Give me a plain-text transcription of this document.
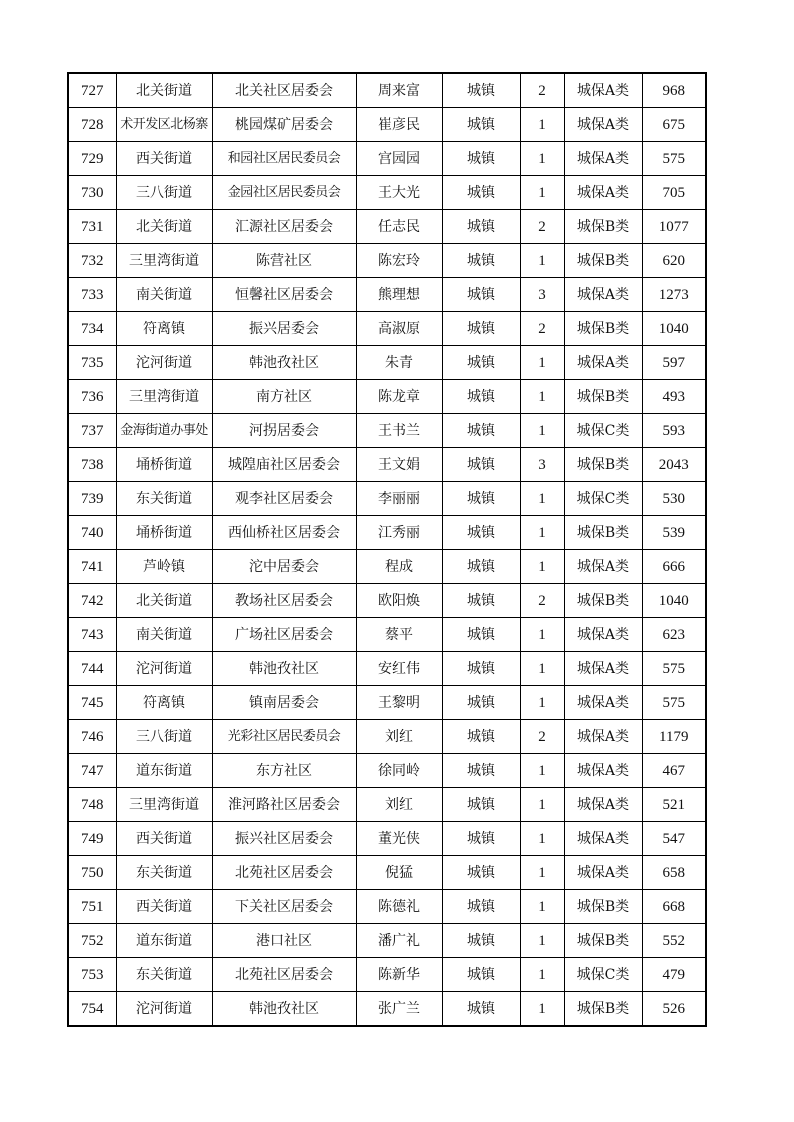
727	北关街道	北关社区居委会	周来富	城镇	2	城保A类	968
728	术开发区北杨寨	桃园煤矿居委会	崔彦民	城镇	1	城保A类	675
729	西关街道	和园社区居民委员会	宫园园	城镇	1	城保A类	575
730	三八街道	金园社区居民委员会	王大光	城镇	1	城保A类	705
731	北关街道	汇源社区居委会	任志民	城镇	2	城保B类	1077
732	三里湾街道	陈营社区	陈宏玲	城镇	1	城保B类	620
733	南关街道	恒馨社区居委会	熊理想	城镇	3	城保A类	1273
734	符离镇	振兴居委会	高淑原	城镇	2	城保B类	1040
735	沱河街道	韩池孜社区	朱青	城镇	1	城保A类	597
736	三里湾街道	南方社区	陈龙章	城镇	1	城保B类	493
737	金海街道办事处	河拐居委会	王书兰	城镇	1	城保C类	593
738	埇桥街道	城隍庙社区居委会	王文娟	城镇	3	城保B类	2043
739	东关街道	观李社区居委会	李丽丽	城镇	1	城保C类	530
740	埇桥街道	西仙桥社区居委会	江秀丽	城镇	1	城保B类	539
741	芦岭镇	沱中居委会	程成	城镇	1	城保A类	666
742	北关街道	教场社区居委会	欧阳焕	城镇	2	城保B类	1040
743	南关街道	广场社区居委会	蔡平	城镇	1	城保A类	623
744	沱河街道	韩池孜社区	安红伟	城镇	1	城保A类	575
745	符离镇	镇南居委会	王黎明	城镇	1	城保A类	575
746	三八街道	光彩社区居民委员会	刘红	城镇	2	城保A类	1179
747	道东街道	东方社区	徐同岭	城镇	1	城保A类	467
748	三里湾街道	淮河路社区居委会	刘红	城镇	1	城保A类	521
749	西关街道	振兴社区居委会	董光侠	城镇	1	城保A类	547
750	东关街道	北苑社区居委会	倪猛	城镇	1	城保A类	658
751	西关街道	下关社区居委会	陈德礼	城镇	1	城保B类	668
752	道东街道	港口社区	潘广礼	城镇	1	城保B类	552
753	东关街道	北苑社区居委会	陈新华	城镇	1	城保C类	479
754	沱河街道	韩池孜社区	张广兰	城镇	1	城保B类	526
